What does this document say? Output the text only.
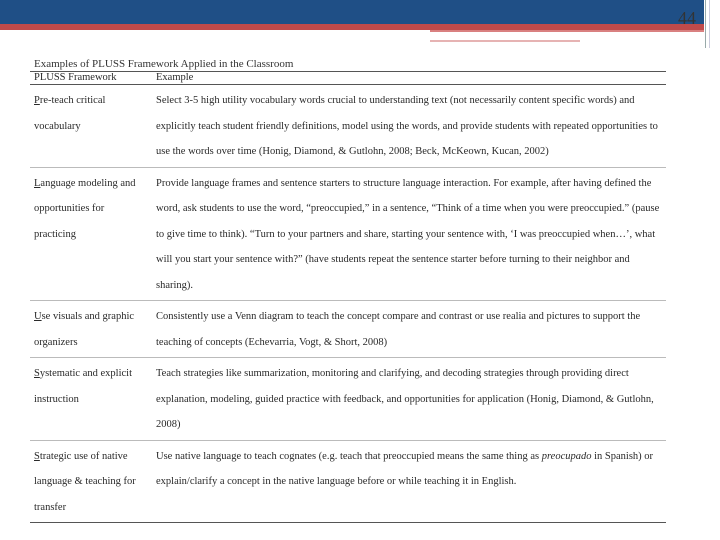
44
Examples of PLUSS Framework Applied in the Classroom
PLUSS Framework	Example
Pre-teach critical vocabulary	Select 3-5 high utility vocabulary words crucial to understanding text (not necessarily content specific words) and explicitly teach student friendly definitions, model using the words, and provide students with repeated opportunities to use the words over time (Honig, Diamond, & Gutlohn, 2008; Beck, McKeown, Kucan, 2002)
Language modeling and opportunities for practicing	Provide language frames and sentence starters to structure language interaction. For example, after having defined the word, ask students to use the word, “preoccupied,” in a sentence, “Think of a time when you were preoccupied.” (pause to give time to think). “Turn to your partners and share, starting your sentence with, ‘I was preoccupied when…’, what will you start your sentence with?” (have students repeat the sentence starter before turning to their neighbor and sharing).
Use visuals and graphic organizers	Consistently use a Venn diagram to teach the concept compare and contrast or use realia and pictures to support the teaching of concepts (Echevarria, Vogt, & Short, 2008)
Systematic and explicit instruction	Teach strategies like summarization, monitoring and clarifying, and decoding strategies through providing direct explanation, modeling, guided practice with feedback, and opportunities for application (Honig, Diamond, & Gutlohn, 2008)
Strategic use of native language & teaching for transfer	Use native language to teach cognates (e.g. teach that preoccupied means the same thing as preocupado in Spanish) or explain/clarify a concept in the native language before or while teaching it in English.
